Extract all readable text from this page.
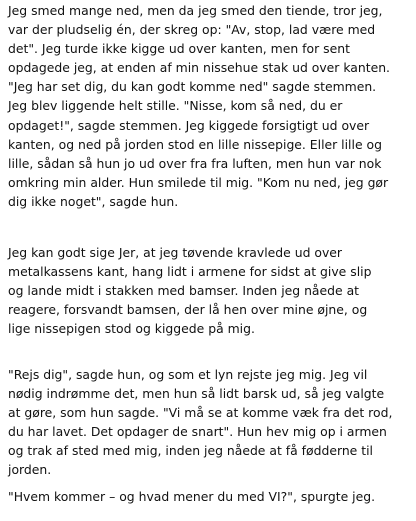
Jeg smed mange ned, men da jeg smed den tiende, tror jeg,
var der pludselig én, der skreg op: "Av, stop, lad være med
det". Jeg turde ikke kigge ud over kanten, men for sent
opdagede jeg, at enden af min nissehue stak ud over kanten.
"Jeg har set dig, du kan godt komme ned" sagde stemmen.
Jeg blev liggende helt stille. "Nisse, kom så ned, du er
opdaget!", sagde stemmen. Jeg kiggede forsigtigt ud over
kanten, og ned på jorden stod en lille nissepige. Eller lille og
lille, sådan så hun jo ud over fra fra luften, men hun var nok
omkring min alder. Hun smilede til mig. "Kom nu ned, jeg gør
dig ikke noget", sagde hun.
Jeg kan godt sige Jer, at jeg tøvende kravlede ud over
metalkassens kant, hang lidt i armene for sidst at give slip
og lande midt i stakken med bamser. Inden jeg nåede at
reagere, forsvandt bamsen, der lå hen over mine øjne, og
lige nissepigen stod og kiggede på mig.
"Rejs dig", sagde hun, og som et lyn rejste jeg mig. Jeg vil
nødig indrømme det, men hun så lidt barsk ud, så jeg valgte
at gøre, som hun sagde. "Vi må se at komme væk fra det rod,
du har lavet. Det opdager de snart". Hun hev mig op i armen
og trak af sted med mig, inden jeg nåede at få fødderne til
jorden.
"Hvem kommer – og hvad mener du med VI?", spurgte jeg.
